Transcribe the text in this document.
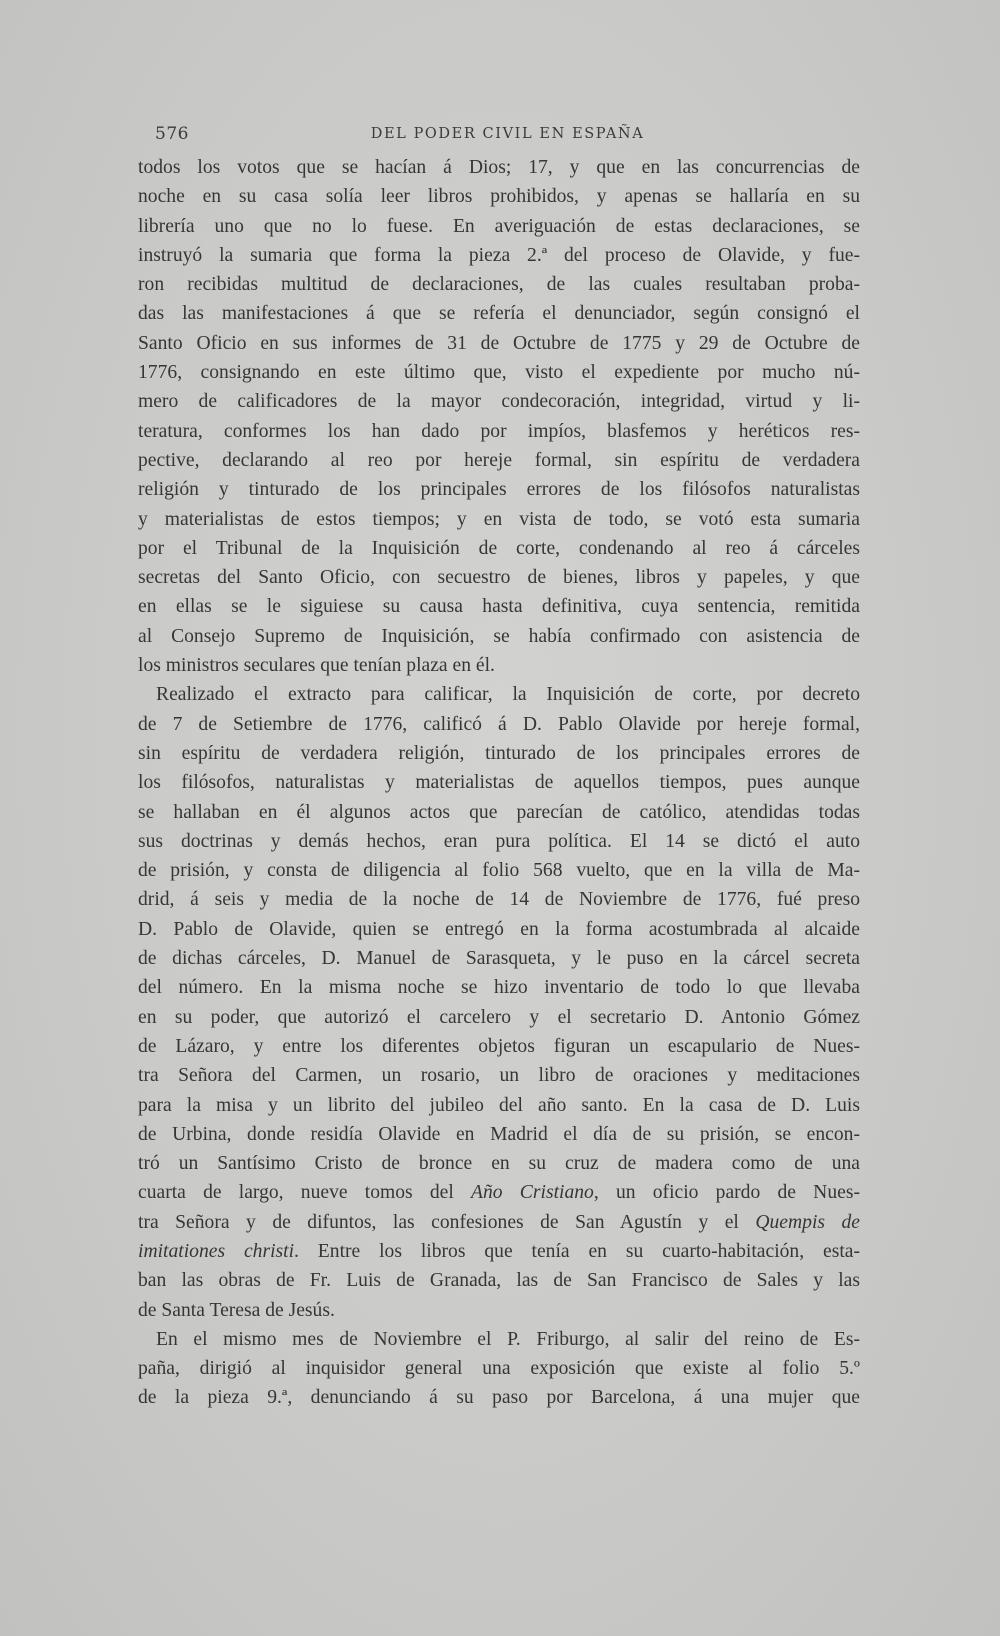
576	DEL PODER CIVIL EN ESPAÑA
todos los votos que se hacían á Dios; 17, y que en las concurrencias de
noche en su casa solía leer libros prohibidos, y apenas se hallaría en su
librería uno que no lo fuese. En averiguación de estas declaraciones, se
instruyó la sumaria que forma la pieza 2.ª del proceso de Olavide, y fue-
ron recibidas multitud de declaraciones, de las cuales resultaban proba-
das las manifestaciones á que se refería el denunciador, según consignó el
Santo Oficio en sus informes de 31 de Octubre de 1775 y 29 de Octubre de
1776, consignando en este último que, visto el expediente por mucho nú-
mero de calificadores de la mayor condecoración, integridad, virtud y li-
teratura, conformes los han dado por impíos, blasfemos y heréticos res-
pective, declarando al reo por hereje formal, sin espíritu de verdadera
religión y tinturado de los principales errores de los filósofos naturalistas
y materialistas de estos tiempos; y en vista de todo, se votó esta sumaria
por el Tribunal de la Inquisición de corte, condenando al reo á cárceles
secretas del Santo Oficio, con secuestro de bienes, libros y papeles, y que
en ellas se le siguiese su causa hasta definitiva, cuya sentencia, remitida
al Consejo Supremo de Inquisición, se había confirmado con asistencia de
los ministros seculares que tenían plaza en él.
Realizado el extracto para calificar, la Inquisición de corte, por decreto
de 7 de Setiembre de 1776, calificó á D. Pablo Olavide por hereje formal,
sin espíritu de verdadera religión, tinturado de los principales errores de
los filósofos, naturalistas y materialistas de aquellos tiempos, pues aunque
se hallaban en él algunos actos que parecían de católico, atendidas todas
sus doctrinas y demás hechos, eran pura política. El 14 se dictó el auto
de prisión, y consta de diligencia al folio 568 vuelto, que en la villa de Ma-
drid, á seis y media de la noche de 14 de Noviembre de 1776, fué preso
D. Pablo de Olavide, quien se entregó en la forma acostumbrada al alcaide
de dichas cárceles, D. Manuel de Sarasqueta, y le puso en la cárcel secreta
del número. En la misma noche se hizo inventario de todo lo que llevaba
en su poder, que autorizó el carcelero y el secretario D. Antonio Gómez
de Lázaro, y entre los diferentes objetos figuran un escapulario de Nues-
tra Señora del Carmen, un rosario, un libro de oraciones y meditaciones
para la misa y un librito del jubileo del año santo. En la casa de D. Luis
de Urbina, donde residía Olavide en Madrid el día de su prisión, se encon-
tró un Santísimo Cristo de bronce en su cruz de madera como de una
cuarta de largo, nueve tomos del Año Cristiano, un oficio pardo de Nues-
tra Señora y de difuntos, las confesiones de San Agustín y el Quempis de
imitationes christi. Entre los libros que tenía en su cuarto-habitación, esta-
ban las obras de Fr. Luis de Granada, las de San Francisco de Sales y las
de Santa Teresa de Jesús.
En el mismo mes de Noviembre el P. Friburgo, al salir del reino de Es-
paña, dirigió al inquisidor general una exposición que existe al folio 5.º
de la pieza 9.ª, denunciando á su paso por Barcelona, á una mujer que
